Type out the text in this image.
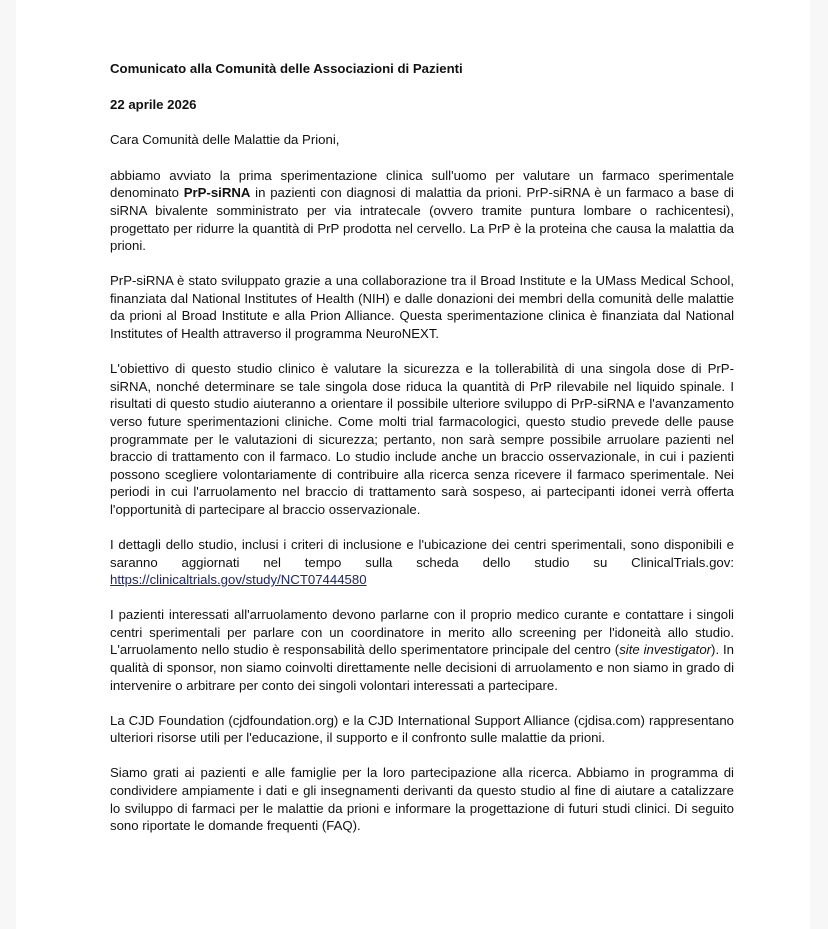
Comunicato alla Comunità delle Associazioni di Pazienti
22 aprile 2026
Cara Comunità delle Malattie da Prioni,

abbiamo avviato la prima sperimentazione clinica sull'uomo per valutare un farmaco sperimentale denominato PrP-siRNA in pazienti con diagnosi di malattia da prioni. PrP-siRNA è un farmaco a base di siRNA bivalente somministrato per via intratecale (ovvero tramite puntura lombare o rachicentesi), progettato per ridurre la quantità di PrP prodotta nel cervello. La PrP è la proteina che causa la malattia da prioni.

PrP-siRNA è stato sviluppato grazie a una collaborazione tra il Broad Institute e la UMass Medical School, finanziata dal National Institutes of Health (NIH) e dalle donazioni dei membri della comunità delle malattie da prioni al Broad Institute e alla Prion Alliance. Questa sperimentazione clinica è finanziata dal National Institutes of Health attraverso il programma NeuroNEXT.

L'obiettivo di questo studio clinico è valutare la sicurezza e la tollerabilità di una singola dose di PrP-siRNA, nonché determinare se tale singola dose riduca la quantità di PrP rilevabile nel liquido spinale. I risultati di questo studio aiuteranno a orientare il possibile ulteriore sviluppo di PrP-siRNA e l'avanzamento verso future sperimentazioni cliniche. Come molti trial farmacologici, questo studio prevede delle pause programmate per le valutazioni di sicurezza; pertanto, non sarà sempre possibile arruolare pazienti nel braccio di trattamento con il farmaco. Lo studio include anche un braccio osservazionale, in cui i pazienti possono scegliere volontariamente di contribuire alla ricerca senza ricevere il farmaco sperimentale. Nei periodi in cui l'arruolamento nel braccio di trattamento sarà sospeso, ai partecipanti idonei verrà offerta l'opportunità di partecipare al braccio osservazionale.

I dettagli dello studio, inclusi i criteri di inclusione e l'ubicazione dei centri sperimentali, sono disponibili e saranno aggiornati nel tempo sulla scheda dello studio su ClinicalTrials.gov: https://clinicaltrials.gov/study/NCT07444580

I pazienti interessati all'arruolamento devono parlarne con il proprio medico curante e contattare i singoli centri sperimentali per parlare con un coordinatore in merito allo screening per l'idoneità allo studio. L'arruolamento nello studio è responsabilità dello sperimentatore principale del centro (site investigator). In qualità di sponsor, non siamo coinvolti direttamente nelle decisioni di arruolamento e non siamo in grado di intervenire o arbitrare per conto dei singoli volontari interessati a partecipare.

La CJD Foundation (cjdfoundation.org) e la CJD International Support Alliance (cjdisa.com) rappresentano ulteriori risorse utili per l'educazione, il supporto e il confronto sulle malattie da prioni.

Siamo grati ai pazienti e alle famiglie per la loro partecipazione alla ricerca. Abbiamo in programma di condividere ampiamente i dati e gli insegnamenti derivanti da questo studio al fine di aiutare a catalizzare lo sviluppo di farmaci per le malattie da prioni e informare la progettazione di futuri studi clinici. Di seguito sono riportate le domande frequenti (FAQ).
